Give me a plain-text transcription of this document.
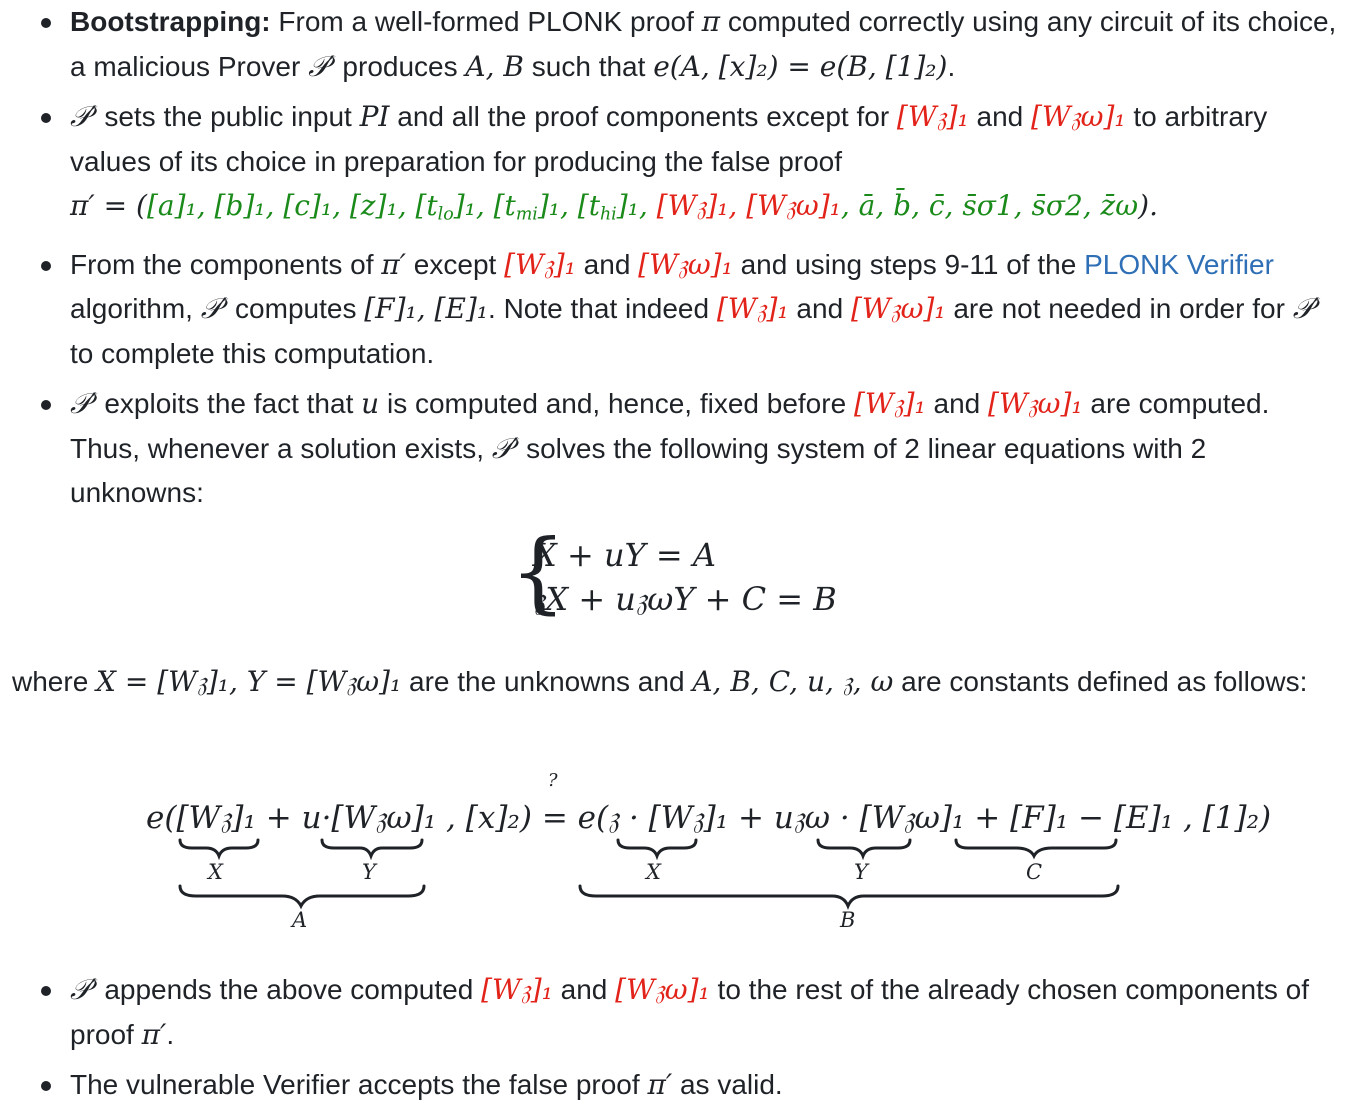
Bootstrapping: From a well-formed PLONK proof π computed correctly using any circuit of its choice, a malicious Prover 𝒫′ produces A, B such that e(A, [x]₂) = e(B, [1]₂).
𝒫′ sets the public input PI and all the proof components except for [W𝔷]₁ and [W𝔷ω]₁ to arbitrary values of its choice in preparation for producing the false proof
π′ = ([a]₁, [b]₁, [c]₁, [z]₁, $[t_{lo}]_1$, $[t_{mi}]_1$, $[t_{hi}]_1$, [W𝔷]₁, [W𝔷ω]₁, ā, b̄, c̄, s̄σ1, s̄σ2, z̄ω).
From the components of π′ except [W𝔷]₁ and [W𝔷ω]₁ and using steps 9-11 of the PLONK Verifier algorithm, 𝒫′ computes [F]₁, [E]₁. Note that indeed [W𝔷]₁ and [W𝔷ω]₁ are not needed in order for 𝒫′ to complete this computation.
𝒫′ exploits the fact that u is computed and, hence, fixed before [W𝔷]₁ and [W𝔷ω]₁ are computed. Thus, whenever a solution exists, 𝒫′ solves the following system of 2 linear equations with 2 unknowns:
{
X + uY = A
𝔷X + u𝔷ωY + C = B
where X = [W𝔷]₁, Y = [W𝔷ω]₁ are the unknowns and A, B, C, u, 𝔷, ω are constants defined as follows:
e([W𝔷]₁ + u·[W𝔷ω]₁ , [x]₂)
?
= e(𝔷 · [W𝔷]₁ + u𝔷ω · [W𝔷ω]₁ + [F]₁ − [E]₁ , [1]₂)
X	Y
A
X	Y	C
B
𝒫′ appends the above computed [W𝔷]₁ and [W𝔷ω]₁ to the rest of the already chosen components of proof π′.
The vulnerable Verifier accepts the false proof π′ as valid.
